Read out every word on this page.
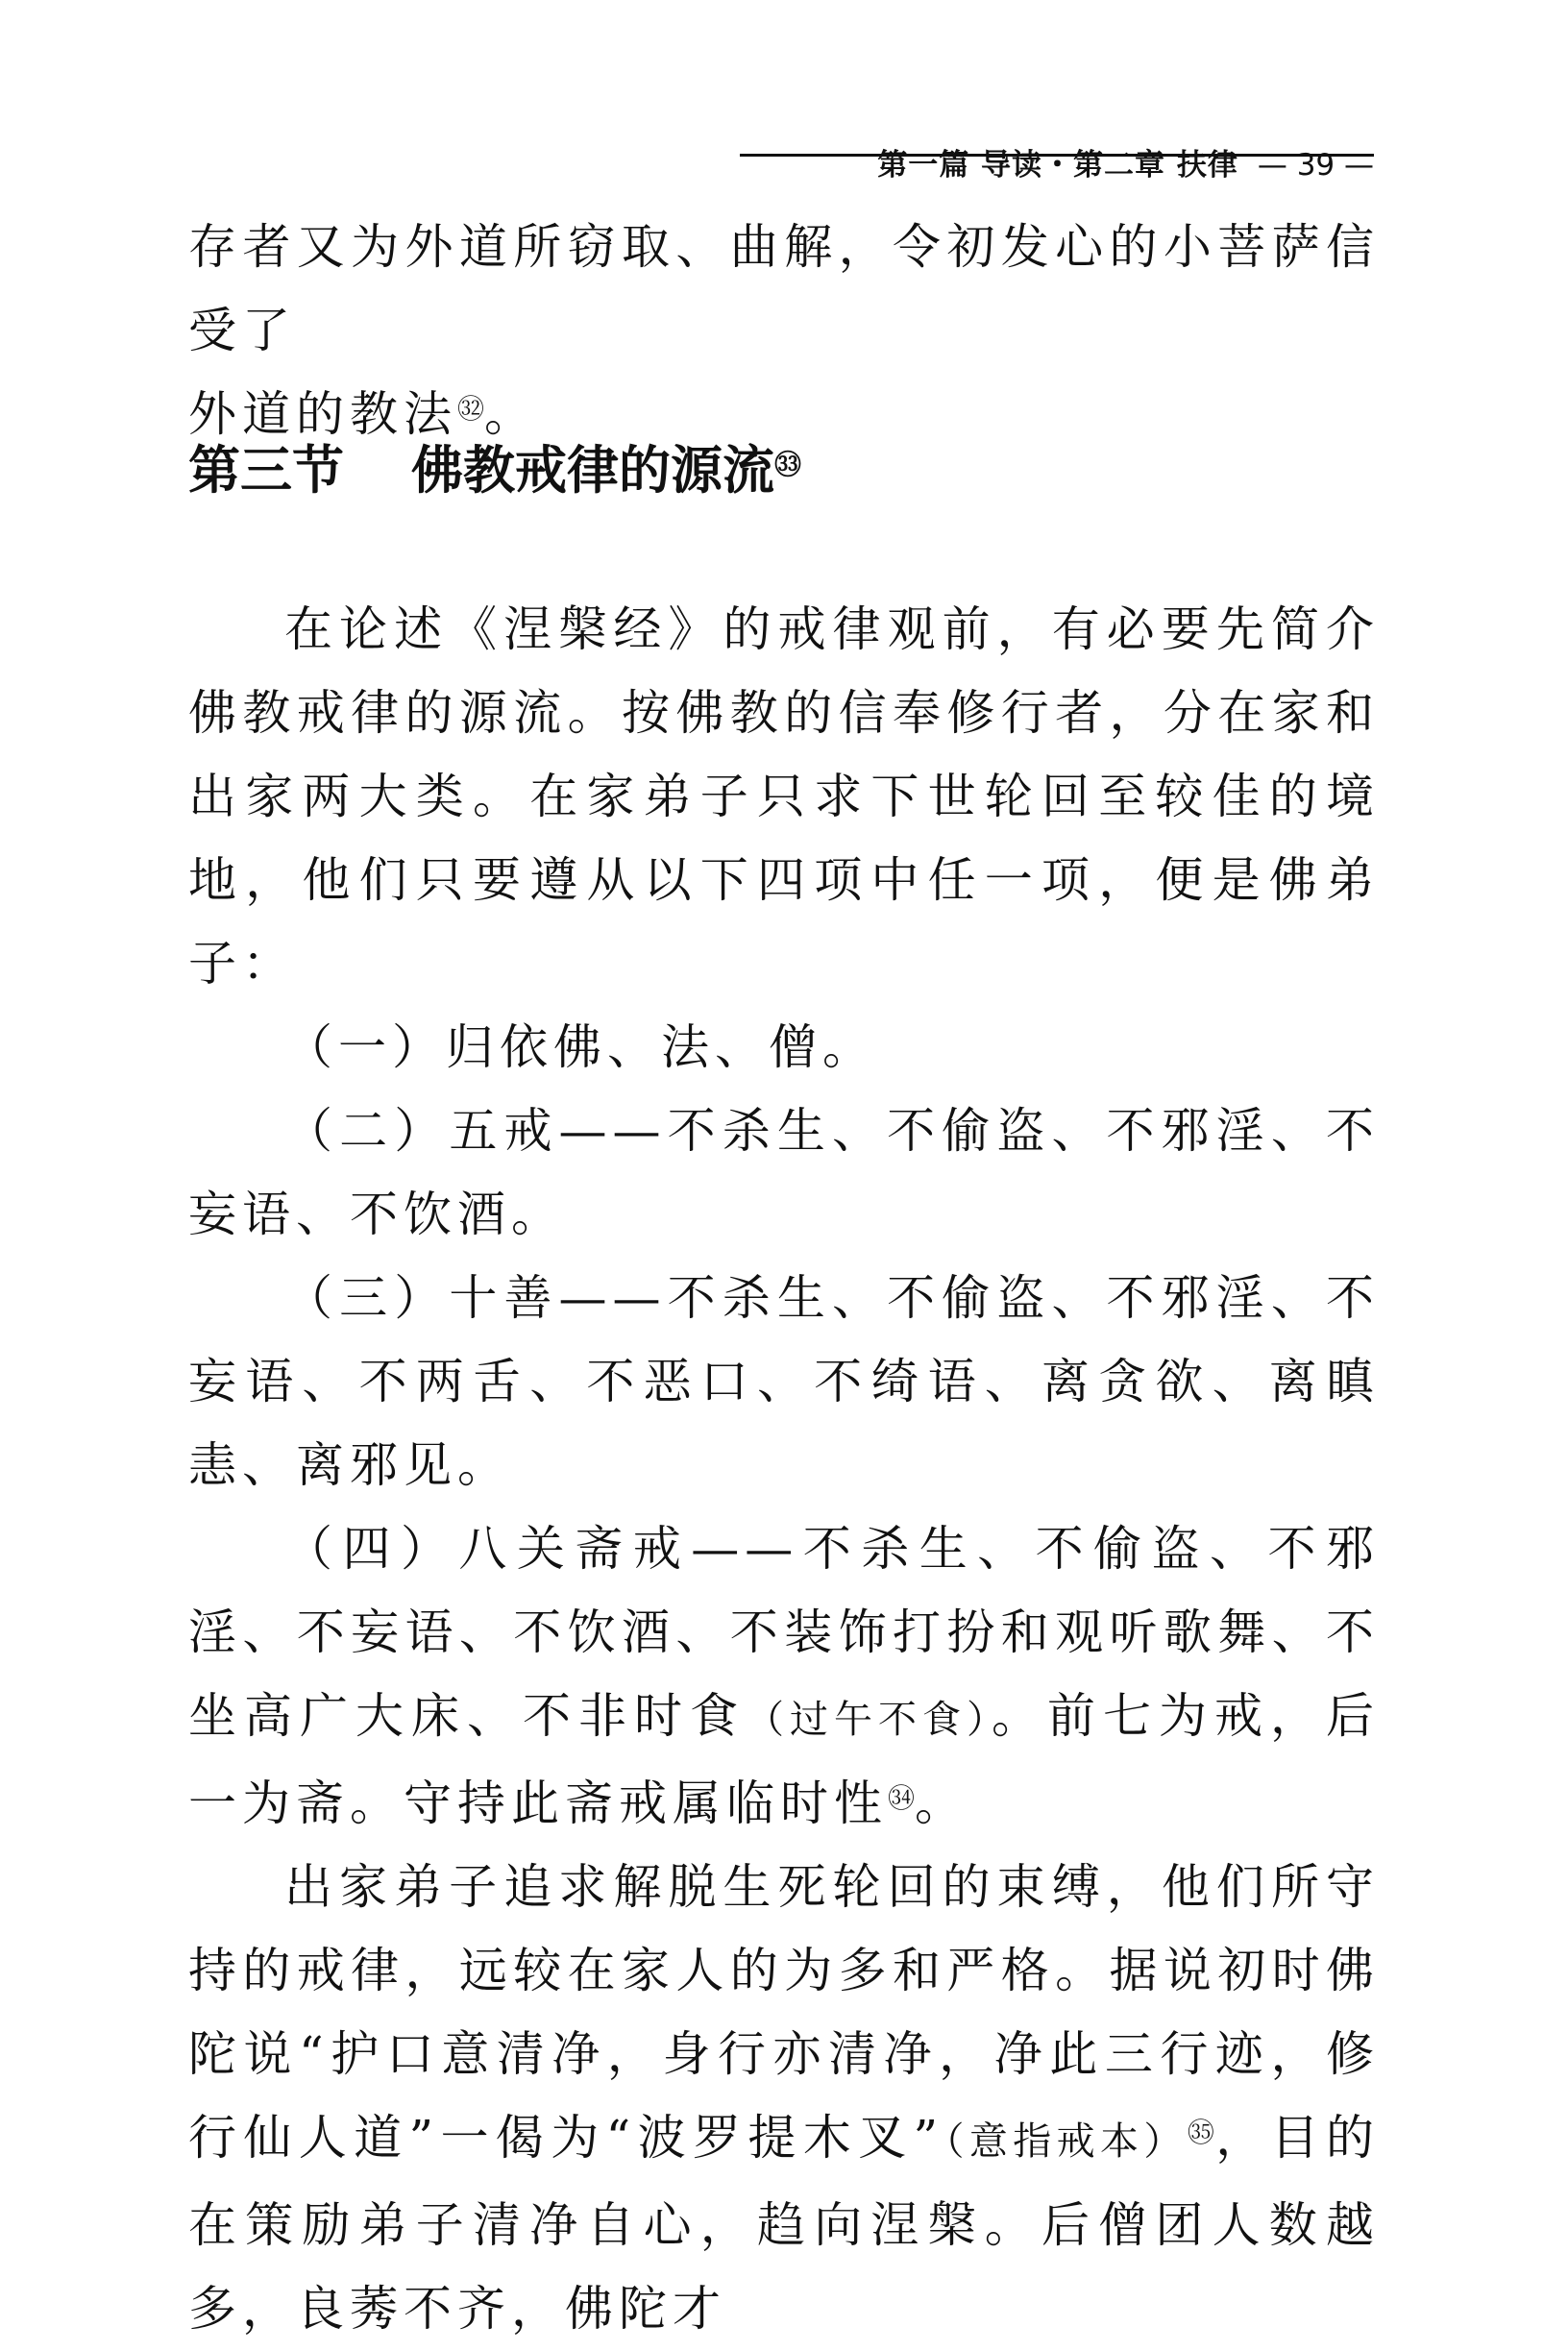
第一篇 导读・第二章 扶律 — 39 —

存者又为外道所窃取、曲解，令初发心的小菩萨信受了

外道的教法$^㉜$。

第三节 佛教戒律的源流$^㉝$

在论述《涅槃经》的戒律观前，有必要先简介佛教戒律的源流。按佛教的信奉修行者，分在家和出家两大类。在家弟子只求下世轮回至较佳的境地，他们只要遵从以下四项中任一项，便是佛弟子：

（一）归依佛、法、僧。

（二）五戒——不杀生、不偷盗、不邪淫、不妄语、不饮酒。

（三）十善——不杀生、不偷盗、不邪淫、不妄语、不两舌、不恶口、不绮语、离贪欲、离瞋恚、离邪见。

（四）八关斋戒——不杀生、不偷盗、不邪淫、不妄语、不饮酒、不装饰打扮和观听歌舞、不坐高广大床、不非时食（过午不食）。前七为戒，后一为斋。守持此斋戒属临时性$^㉞$。

出家弟子追求解脱生死轮回的束缚，他们所守持的戒律，远较在家人的为多和严格。据说初时佛陀说“护口意清净，身行亦清净，净此三行迹，修行仙人道”一偈为“波罗提木叉”（意指戒本）$^㉟$，目的在策励弟子清净自心，趋向涅槃。后僧团人数越多，良莠不齐，佛陀才
